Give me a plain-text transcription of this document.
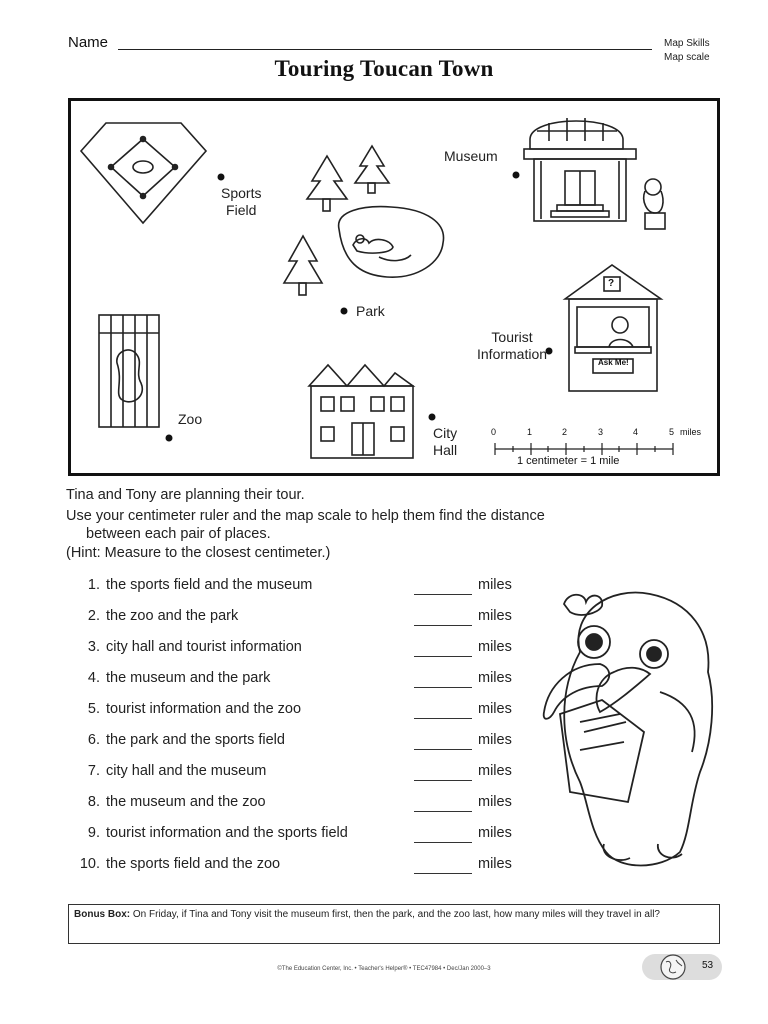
Name	Map Skills
Map scale
Touring Toucan Town
Sports
Field
Museum
Park
Tourist
Information
Zoo
City
Hall
Ask Me!
?
0	1	2	3	4	5 miles
1 centimeter = 1 mile
Tina and Tony are planning their tour.
Use your centimeter ruler and the map scale to help them find the distance
between each pair of places.
(Hint: Measure to the closest centimeter.)
1. the sports field and the museum	miles
2. the zoo and the park	miles
3. city hall and tourist information	miles
4. the museum and the park	miles
5. tourist information and the zoo	miles
6. the park and the sports field	miles
7. city hall and the museum	miles
8. the museum and the zoo	miles
9. tourist information and the sports field	miles
10. the sports field and the zoo	miles
Bonus Box: On Friday, if Tina and Tony visit the museum first, then the park, and the zoo last, how many miles will they travel in all?
©The Education Center, Inc. • Teacher's Helper® • TEC47984 • Dec/Jan 2000–3	53
